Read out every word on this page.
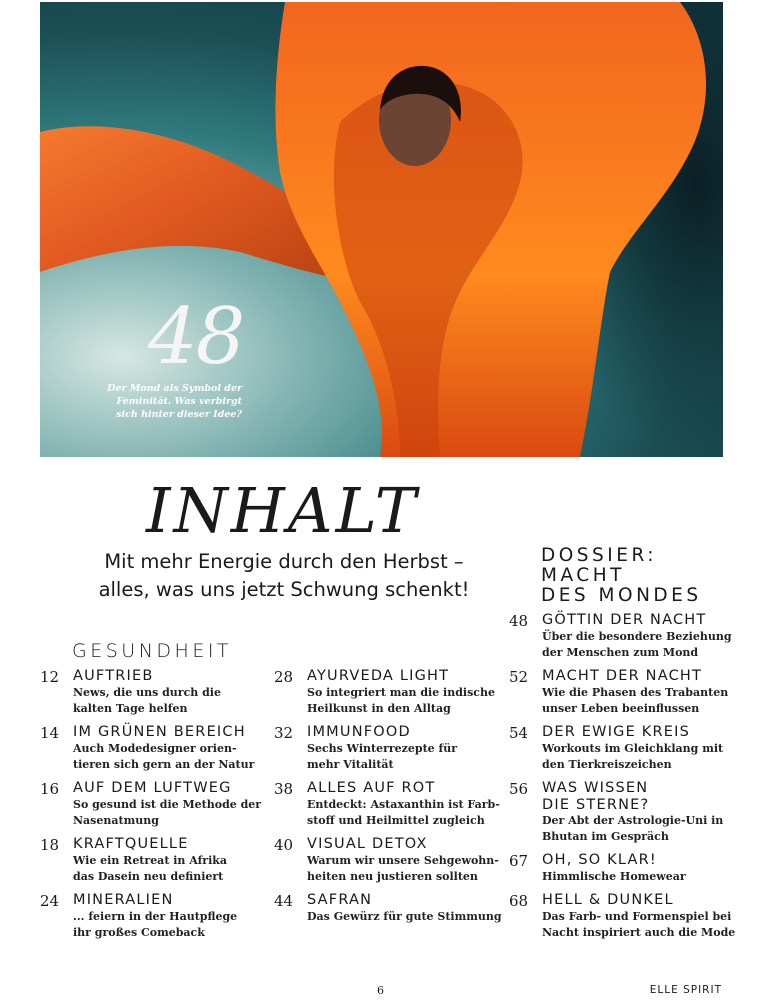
48
Der Mond als Symbol der Feminität. Was verbirgt sich hinter dieser Idee?
INHALT
Mit mehr Energie durch den Herbst –
alles, was uns jetzt Schwung schenkt!
GESUNDHEIT
DOSSIER:
MACHT
DES MONDES
12 AUFTRIEB
News, die uns durch die
kalten Tage helfen
14 IM GRÜNEN BEREICH
Auch Modedesigner orien-
tieren sich gern an der Natur
16 AUF DEM LUFTWEG
So gesund ist die Methode der
Nasenatmung
18 KRAFTQUELLE
Wie ein Retreat in Afrika
das Dasein neu definiert
24 MINERALIEN
... feiern in der Hautpflege
ihr großes Comeback
28 AYURVEDA LIGHT
So integriert man die indische
Heilkunst in den Alltag
32 IMMUNFOOD
Sechs Winterrezepte für
mehr Vitalität
38 ALLES AUF ROT
Entdeckt: Astaxanthin ist Farb-
stoff und Heilmittel zugleich
40 VISUAL DETOX
Warum wir unsere Sehgewohn-
heiten neu justieren sollten
44 SAFRAN
Das Gewürz für gute Stimmung
48 GÖTTIN DER NACHT
Über die besondere Beziehung
der Menschen zum Mond
52 MACHT DER NACHT
Wie die Phasen des Trabanten
unser Leben beeinflussen
54 DER EWIGE KREIS
Workouts im Gleichklang mit
den Tierkreiszeichen
56 WAS WISSEN
DIE STERNE?
Der Abt der Astrologie-Uni in
Bhutan im Gespräch
67 OH, SO KLAR!
Himmlische Homewear
68 HELL & DUNKEL
Das Farb- und Formenspiel bei
Nacht inspiriert auch die Mode
6	ELLE SPIRIT
